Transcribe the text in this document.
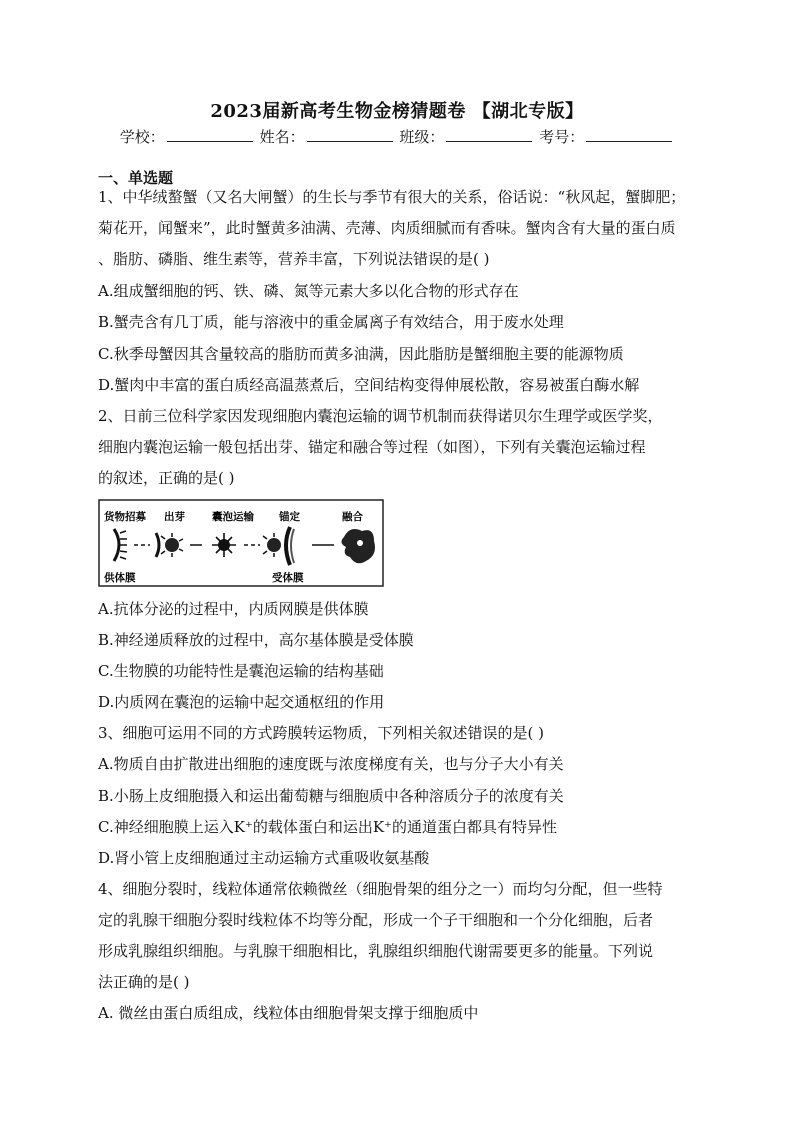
2023届新高考生物金榜猜题卷 【湖北专版】
学校：	姓名：	班级：	考号：
一、单选题
1、中华绒螯蟹（又名大闸蟹）的生长与季节有很大的关系，俗话说：“秋风起，蟹脚肥；
菊花开，闻蟹来”，此时蟹黄多油满、壳薄、肉质细腻而有香味。蟹肉含有大量的蛋白质
、脂肪、磷脂、维生素等，营养丰富，下列说法错误的是( )
A.组成蟹细胞的钙、铁、磷、氮等元素大多以化合物的形式存在
B.蟹壳含有几丁质，能与溶液中的重金属离子有效结合，用于废水处理
C.秋季母蟹因其含量较高的脂肪而黄多油满，因此脂肪是蟹细胞主要的能源物质
D.蟹肉中丰富的蛋白质经高温蒸煮后，空间结构变得伸展松散，容易被蛋白酶水解
2、日前三位科学家因发现细胞内囊泡运输的调节机制而获得诺贝尔生理学或医学奖，
细胞内囊泡运输一般包括出芽、锚定和融合等过程（如图），下列有关囊泡运输过程
的叙述，正确的是( )
货物招募 出芽	囊泡运输 锚定	融合
供体膜	受体膜
A.抗体分泌的过程中，内质网膜是供体膜
B.神经递质释放的过程中，高尔基体膜是受体膜
C.生物膜的功能特性是囊泡运输的结构基础
D.内质网在囊泡的运输中起交通枢纽的作用
3、细胞可运用不同的方式跨膜转运物质，下列相关叙述错误的是( )
A.物质自由扩散进出细胞的速度既与浓度梯度有关，也与分子大小有关
B.小肠上皮细胞摄入和运出葡萄糖与细胞质中各种溶质分子的浓度有关
C.神经细胞膜上运入K⁺的载体蛋白和运出K⁺的通道蛋白都具有特异性
D.肾小管上皮细胞通过主动运输方式重吸收氨基酸
4、细胞分裂时，线粒体通常依赖微丝（细胞骨架的组分之一）而均匀分配，但一些特
定的乳腺干细胞分裂时线粒体不均等分配，形成一个子干细胞和一个分化细胞，后者
形成乳腺组织细胞。与乳腺干细胞相比，乳腺组织细胞代谢需要更多的能量。下列说
法正确的是( )
A. 微丝由蛋白质组成，线粒体由细胞骨架支撑于细胞质中
